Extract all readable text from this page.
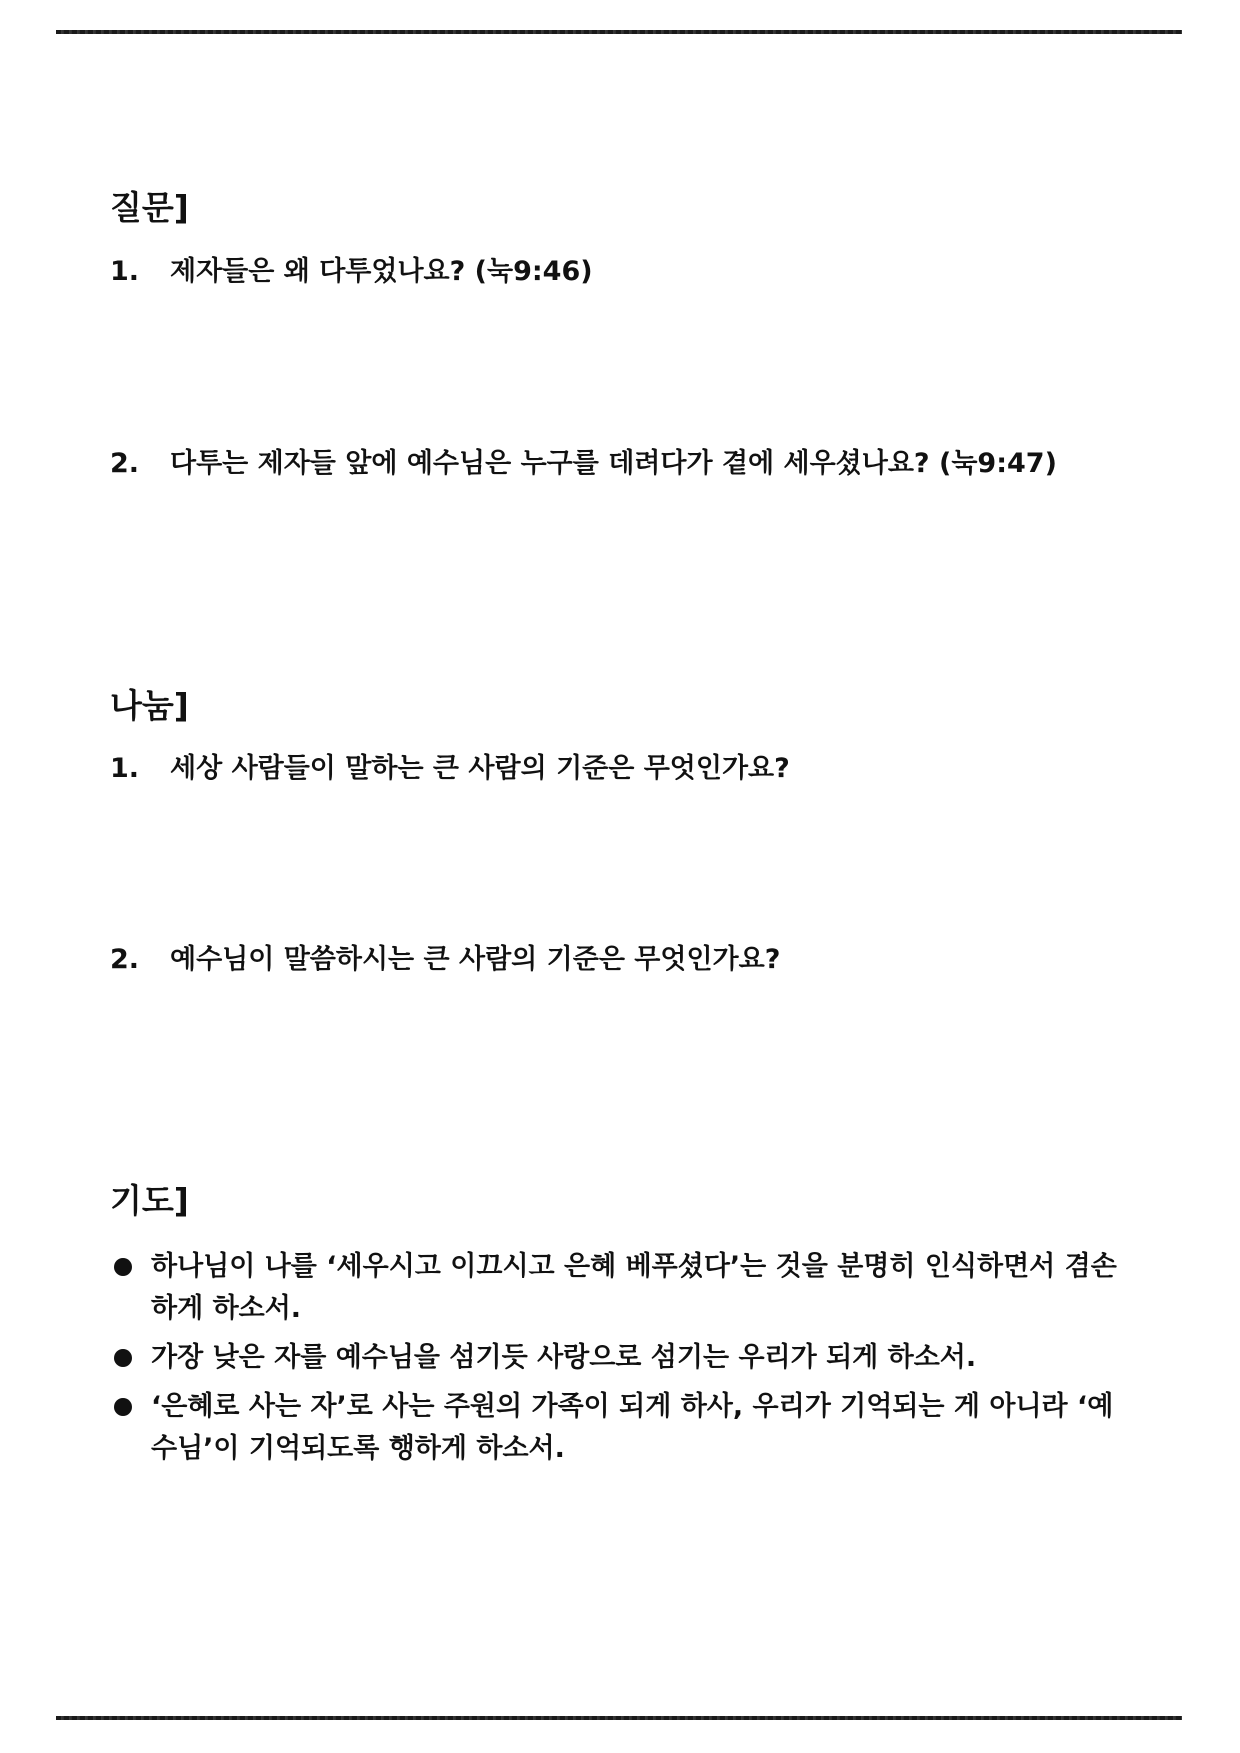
질문]
1. 제자들은 왜 다투었나요? (눅9:46)
2. 다투는 제자들 앞에 예수님은 누구를 데려다가 곁에 세우셨나요? (눅9:47)
나눔]
1. 세상 사람들이 말하는 큰 사람의 기준은 무엇인가요?
2. 예수님이 말씀하시는 큰 사람의 기준은 무엇인가요?
기도]
하나님이 나를 ‘세우시고 이끄시고 은혜 베푸셨다’는 것을 분명히 인식하면서 겸손하게 하소서.
가장 낮은 자를 예수님을 섬기듯 사랑으로 섬기는 우리가 되게 하소서.
‘은혜로 사는 자’로 사는 주원의 가족이 되게 하사, 우리가 기억되는 게 아니라 ‘예수님’이 기억되도록 행하게 하소서.
